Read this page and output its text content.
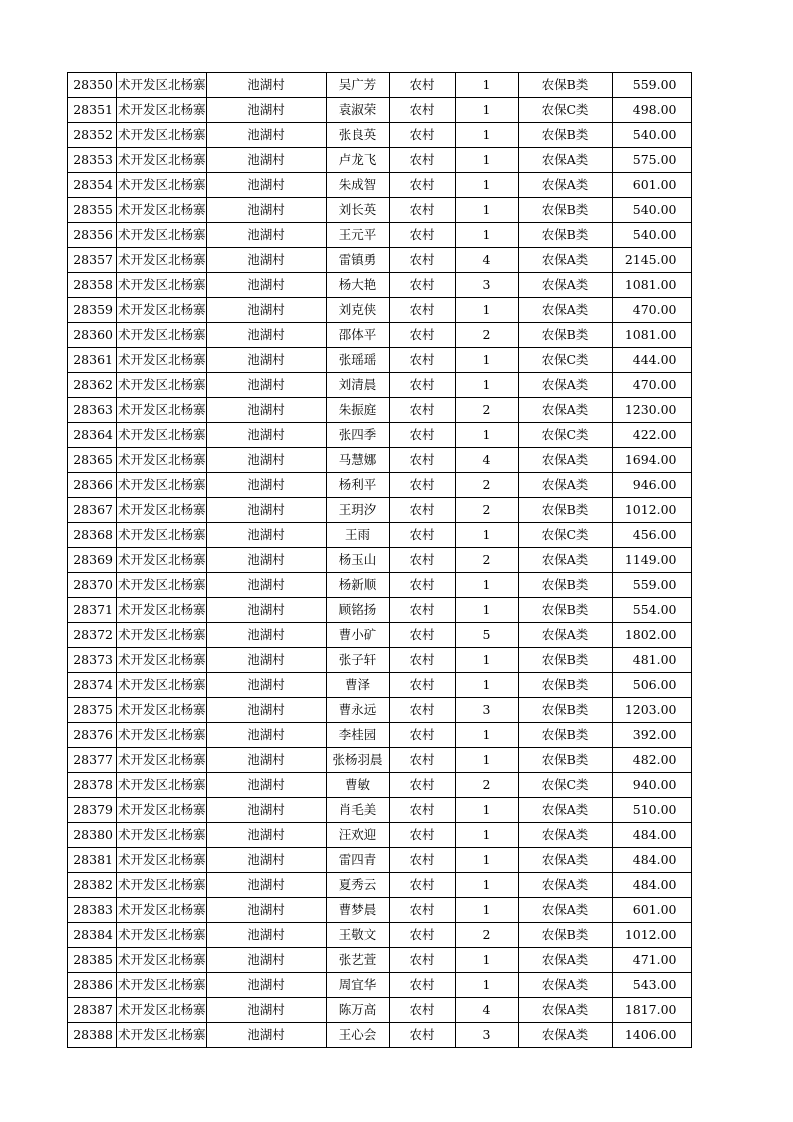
28350	术开发区北杨寨	池湖村	吴广芳	农村	1	农保B类	559.00
28351	术开发区北杨寨	池湖村	袁淑荣	农村	1	农保C类	498.00
28352	术开发区北杨寨	池湖村	张良英	农村	1	农保B类	540.00
28353	术开发区北杨寨	池湖村	卢龙飞	农村	1	农保A类	575.00
28354	术开发区北杨寨	池湖村	朱成智	农村	1	农保A类	601.00
28355	术开发区北杨寨	池湖村	刘长英	农村	1	农保B类	540.00
28356	术开发区北杨寨	池湖村	王元平	农村	1	农保B类	540.00
28357	术开发区北杨寨	池湖村	雷镇勇	农村	4	农保A类	2145.00
28358	术开发区北杨寨	池湖村	杨大艳	农村	3	农保A类	1081.00
28359	术开发区北杨寨	池湖村	刘克侠	农村	1	农保A类	470.00
28360	术开发区北杨寨	池湖村	邵体平	农村	2	农保B类	1081.00
28361	术开发区北杨寨	池湖村	张瑶瑶	农村	1	农保C类	444.00
28362	术开发区北杨寨	池湖村	刘清晨	农村	1	农保A类	470.00
28363	术开发区北杨寨	池湖村	朱振庭	农村	2	农保A类	1230.00
28364	术开发区北杨寨	池湖村	张四季	农村	1	农保C类	422.00
28365	术开发区北杨寨	池湖村	马慧娜	农村	4	农保A类	1694.00
28366	术开发区北杨寨	池湖村	杨利平	农村	2	农保A类	946.00
28367	术开发区北杨寨	池湖村	王玥汐	农村	2	农保B类	1012.00
28368	术开发区北杨寨	池湖村	王雨	农村	1	农保C类	456.00
28369	术开发区北杨寨	池湖村	杨玉山	农村	2	农保A类	1149.00
28370	术开发区北杨寨	池湖村	杨新顺	农村	1	农保B类	559.00
28371	术开发区北杨寨	池湖村	顾铭扬	农村	1	农保B类	554.00
28372	术开发区北杨寨	池湖村	曹小矿	农村	5	农保A类	1802.00
28373	术开发区北杨寨	池湖村	张子轩	农村	1	农保B类	481.00
28374	术开发区北杨寨	池湖村	曹泽	农村	1	农保B类	506.00
28375	术开发区北杨寨	池湖村	曹永远	农村	3	农保B类	1203.00
28376	术开发区北杨寨	池湖村	李桂园	农村	1	农保B类	392.00
28377	术开发区北杨寨	池湖村	张杨羽晨	农村	1	农保B类	482.00
28378	术开发区北杨寨	池湖村	曹敏	农村	2	农保C类	940.00
28379	术开发区北杨寨	池湖村	肖毛美	农村	1	农保A类	510.00
28380	术开发区北杨寨	池湖村	汪欢迎	农村	1	农保A类	484.00
28381	术开发区北杨寨	池湖村	雷四青	农村	1	农保A类	484.00
28382	术开发区北杨寨	池湖村	夏秀云	农村	1	农保A类	484.00
28383	术开发区北杨寨	池湖村	曹梦晨	农村	1	农保A类	601.00
28384	术开发区北杨寨	池湖村	王敬文	农村	2	农保B类	1012.00
28385	术开发区北杨寨	池湖村	张艺萱	农村	1	农保A类	471.00
28386	术开发区北杨寨	池湖村	周宜华	农村	1	农保A类	543.00
28387	术开发区北杨寨	池湖村	陈万高	农村	4	农保A类	1817.00
28388	术开发区北杨寨	池湖村	王心会	农村	3	农保A类	1406.00
